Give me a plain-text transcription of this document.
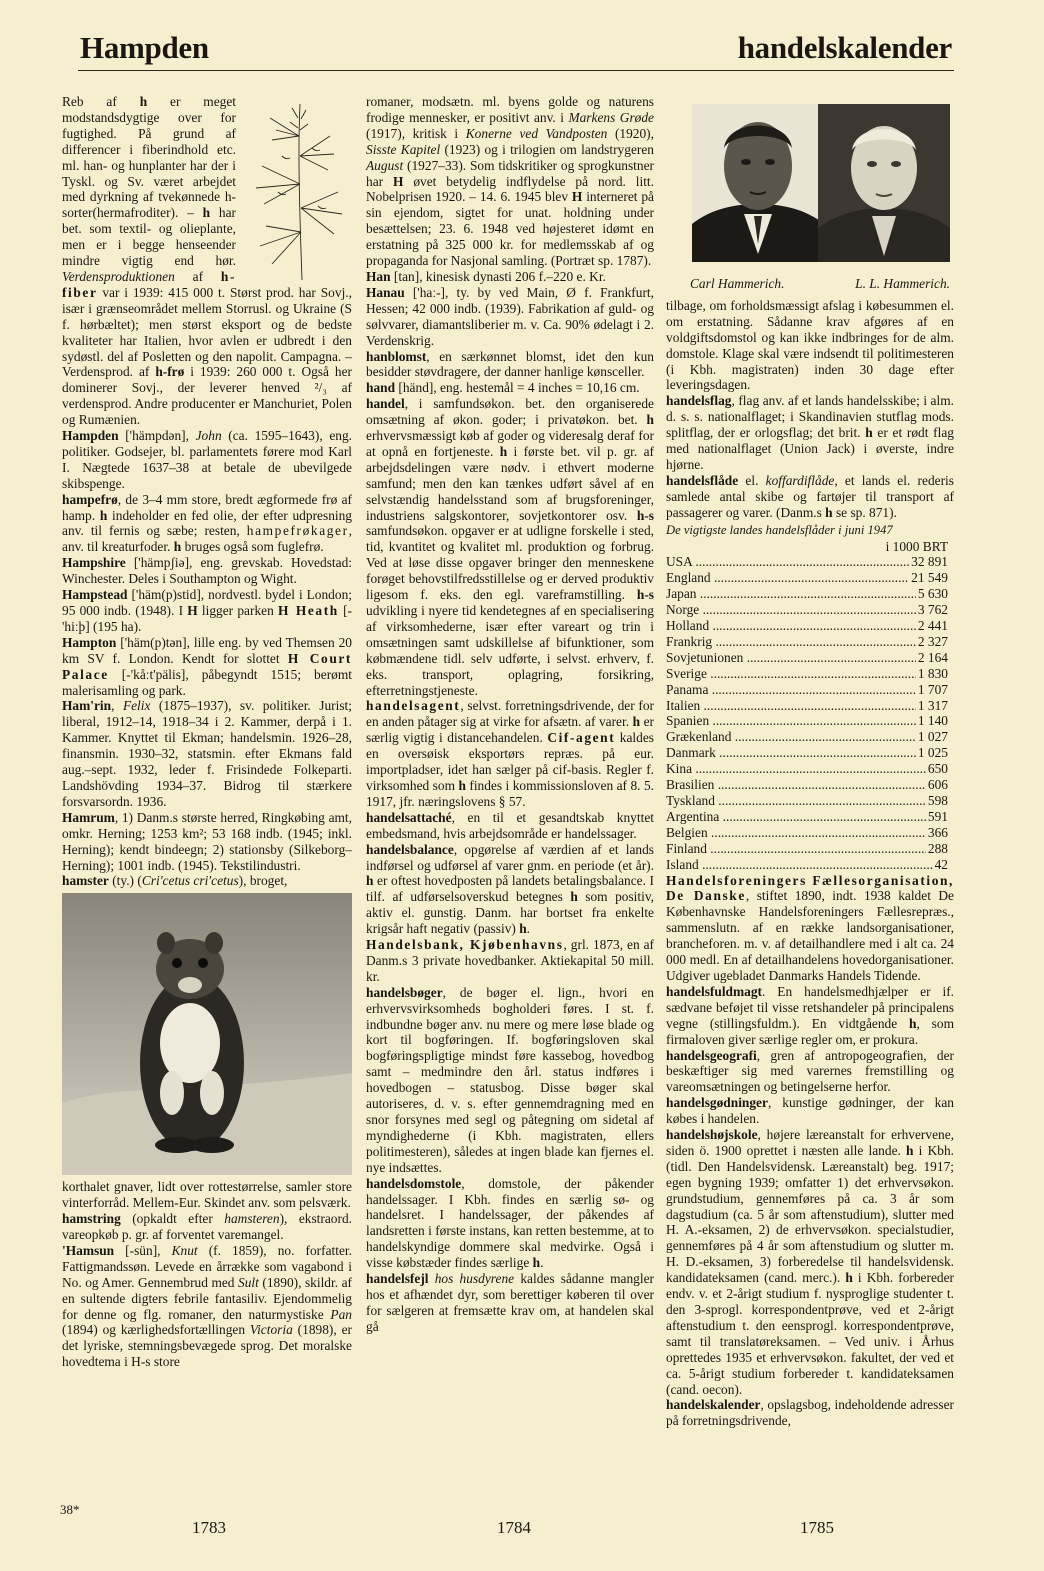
Hampden	handelskalender

Reb af h er meget modstandsdygtige over for fugtighed. På grund af differencer i fiberindhold etc. ml. han- og hunplanter har der i Tyskl. og Sv. været arbejdet med dyrkning af tvekønnede h-sorter(hermafroditer). – h har bet. som textil- og olieplante, men er i begge henseender mindre vigtig end hør. Verdensproduktionen af h-fiber var i 1939: 415 000 t. Størst prod. har Sovj., især i grænseområdet mellem Storrusl. og Ukraine (S f. hørbæltet); men størst eksport og de bedste kvaliteter har Italien, hvor avlen er udbredt i den sydøstl. del af Posletten og den napolit. Campagna. – Verdensprod. af h-frø i 1939: 260 000 t. Også her dominerer Sovj., der leverer henved ²/₃ af verdensprod. Andre producenter er Manchuriet, Polen og Rumænien.

Hampden ['hämpdən], John (ca. 1595–1643), eng. politiker. Godsejer, bl. parlamentets førere mod Karl I. Nægtede 1637–38 at betale de ubevilgede skibspenge.

hampefrø, de 3–4 mm store, bredt ægformede frø af hamp. h indeholder en fed olie, der efter udpresning anv. til fernis og sæbe; resten, hampefrøkager, anv. til kreaturfoder. h bruges også som fuglefrø.

Hampshire ['hämpʃiə], eng. grevskab. Hovedstad: Winchester. Deles i Southampton og Wight.

Hampstead ['häm(p)stid], nordvestl. bydel i London; 95 000 indb. (1948). I H ligger parken H Heath [-'hiːþ] (195 ha).

Hampton ['häm(p)tən], lille eng. by ved Themsen 20 km SV f. London. Kendt for slottet H Court Palace [-'kåːt'pälis], påbegyndt 1515; berømt malerisamling og park.

Ham'rin, Felix (1875–1937), sv. politiker. Jurist; liberal, 1912–14, 1918–34 i 2. Kammer, derpå i 1. Kammer. Knyttet til Ekman; handelsmin. 1926–28, finansmin. 1930–32, statsmin. efter Ekmans fald aug.–sept. 1932, leder f. Frisindede Folkeparti. Landshövding 1934–37. Bidrog til stærkere forsvarsordn. 1936.

Hamrum, 1) Danm.s største herred, Ringkøbing amt, omkr. Herning; 1253 km²; 53 168 indb. (1945; inkl. Herning); kendt bindeegn; 2) stationsby (Silkeborg–Herning); 1001 indb. (1945). Tekstilindustri.

hamster (ty.) (Cri'cetus cri'cetus), broget,

korthalet gnaver, lidt over rottestørrelse, samler store vinterforråd. Mellem-Eur. Skindet anv. som pelsværk.

hamstring (opkaldt efter hamsteren), ekstraord. vareopkøb p. gr. af forventet varemangel.

'Hamsun [-sün], Knut (f. 1859), no. forfatter. Fattigmandssøn. Levede en årrække som vagabond i No. og Amer. Gennembrud med Sult (1890), skildr. af en sultende digters febrile fantasiliv. Ejendommelig for denne og flg. romaner, den naturmystiske Pan (1894) og kærlighedsfortællingen Victoria (1898), er det lyriske, stemningsbevægede sprog. Det moralske hovedtema i H-s store

romaner, modsætn. ml. byens golde og naturens frodige mennesker, er positivt anv. i Markens Grøde (1917), kritisk i Konerne ved Vandposten (1920), Sisste Kapitel (1923) og i trilogien om landstrygeren August (1927–33). Som tidskritiker og sprogkunstner har H øvet betydelig indflydelse på nord. litt. Nobelprisen 1920. – 14. 6. 1945 blev H interneret på sin ejendom, sigtet for unat. holdning under besættelsen; 23. 6. 1948 ved højesteret idømt en erstatning på 325 000 kr. for medlemsskab af og propaganda for Nasjonal samling. (Portræt sp. 1787).

Han [tan], kinesisk dynasti 206 f.–220 e. Kr.

Hanau ['haː-], ty. by ved Main, Ø f. Frankfurt, Hessen; 42 000 indb. (1939). Fabrikation af guld- og sølvvarer, diamantsliberier m. v. Ca. 90% ødelagt i 2. Verdenskrig.

hanblomst, en særkønnet blomst, idet den kun besidder støvdragere, der danner hanlige kønsceller.

hand [händ], eng. hestemål = 4 inches = 10,16 cm.

handel, i samfundsøkon. bet. den organiserede omsætning af økon. goder; i privatøkon. bet. h erhvervsmæssigt køb af goder og videresalg deraf for at opnå en fortjeneste. h i første bet. vil p. gr. af arbejdsdelingen være nødv. i ethvert moderne samfund; men den kan tænkes udført såvel af en selvstændig handelsstand som af brugsforeninger, industriens salgskontorer, sovjetkontorer osv. h-s samfundsøkon. opgaver er at udligne forskelle i sted, tid, kvantitet og kvalitet ml. produktion og forbrug. Ved at løse disse opgaver bringer den menneskene forøget behovstilfredsstillelse og er derved produktiv ligesom f. eks. den egl. vareframstilling. h-s udvikling i nyere tid kendetegnes af en specialisering af virksomhederne, især efter vareart og trin i omsætningen samt udskillelse af bifunktioner, som købmændene tidl. selv udførte, i selvst. erhverv, f. eks. transport, oplagring, forsikring, efterretningstjeneste.

handelsagent, selvst. forretningsdrivende, der for en anden påtager sig at virke for afsætn. af varer. h er særlig vigtig i distancehandelen. Cif-agent kaldes en oversøisk eksportørs repræs. på eur. importpladser, idet han sælger på cif-basis. Regler f. virksomhed som h findes i kommissionsloven af 8. 5. 1917, jfr. næringslovens § 57.

handelsattaché, en til et gesandtskab knyttet embedsmand, hvis arbejdsområde er handelssager.

handelsbalance, opgørelse af værdien af et lands indførsel og udførsel af varer gnm. en periode (et år). h er oftest hovedposten på landets betalingsbalance. I tilf. af udførselsoverskud betegnes h som positiv, aktiv el. gunstig. Danm. har bortset fra enkelte krigsår haft negativ (passiv) h.

Handelsbank, Kjøbenhavns, grl. 1873, en af Danm.s 3 private hovedbanker. Aktiekapital 50 mill. kr.

handelsbøger, de bøger el. lign., hvori en erhvervsvirksomheds bogholderi føres. I st. f. indbundne bøger anv. nu mere og mere løse blade og kort til bogføringen. If. bogføringsloven skal bogføringspligtige mindst føre kassebog, hovedbog samt – medmindre den årl. status indføres i hovedbogen – statusbog. Disse bøger skal autoriseres, d. v. s. efter gennemdragning med en snor forsynes med segl og påtegning om sidetal af myndighederne (i Kbh. magistraten, ellers politimesteren), således at ingen blade kan fjernes el. nye indsættes.

handelsdomstole, domstole, der påkender handelssager. I Kbh. findes en særlig sø- og handelsret. I handelssager, der påkendes af landsretten i første instans, kan retten bestemme, at to handelskyndige dommere skal medvirke. Også i visse købstæder findes særlige h.

handelsfejl hos husdyrene kaldes sådanne mangler hos et afhændet dyr, som berettiger køberen til over for sælgeren at fremsætte krav om, at handelen skal gå

Carl Hammerich.	L. L. Hammerich.

tilbage, om forholdsmæssigt afslag i købesummen el. om erstatning. Sådanne krav afgøres af en voldgiftsdomstol og kan ikke indbringes for de alm. domstole. Klage skal være indsendt til politimesteren (i Kbh. magistraten) inden 30 dage efter leveringsdagen.

handelsflag, flag anv. af et lands handelsskibe; i alm. d. s. s. nationalflaget; i Skandinavien stutflag mods. splitflag, der er orlogsflag; det brit. h er et rødt flag med nationalflaget (Union Jack) i øverste, indre hjørne.

handelsflåde el. koffardiflåde, et lands el. rederis samlede antal skibe og fartøjer til transport af passagerer og varer. (Danm.s h se sp. 871).

De vigtigste landes handelsflåder i juni 1947
i 1000 BRT
USA .....	32 891
England .....	21 549
Japan .....	5 630
Norge .....	3 762
Holland .....	2 441
Frankrig .....	2 327
Sovjetunionen .....	2 164
Sverige .....	1 830
Panama .....	1 707
Italien .....	1 317
Spanien .....	1 140
Grækenland .....	1 027
Danmark .....	1 025
Kina .....	650
Brasilien .....	606
Tyskland .....	598
Argentina .....	591
Belgien .....	366
Finland .....	288
Island .....	42

Handelsforeningers Fællesorganisation, De Danske, stiftet 1890, indt. 1938 kaldet De Københavnske Handelsforeningers Fællesrepræs., sammenslutn. af en række landsorganisationer, brancheforen. m. v. af detailhandlere med i alt ca. 24 000 medl. En af detailhandelens hovedorganisationer. Udgiver ugebladet Danmarks Handels Tidende.

handelsfuldmagt. En handelsmedhjælper er if. sædvane beføjet til visse retshandeler på principalens vegne (stillingsfuldm.). En vidtgående h, som firmaloven giver særlige regler om, er prokura.

handelsgeografi, gren af antropogeografien, der beskæftiger sig med varernes fremstilling og vareomsætningen og betingelserne herfor.

handelsgødninger, kunstige gødninger, der kan købes i handelen.

handelshøjskole, højere læreanstalt for erhvervene, siden ö. 1900 oprettet i næsten alle lande. h i Kbh. (tidl. Den Handelsvidensk. Læreanstalt) beg. 1917; egen bygning 1939; omfatter 1) det erhvervsøkon. grundstudium, gennemføres på ca. 3 år som dagstudium (ca. 5 år som aftenstudium), slutter med H. A.-eksamen, 2) de erhvervsøkon. specialstudier, gennemføres på 4 år som aftenstudium og slutter m. H. D.-eksamen, 3) forberedelse til handelsvidensk. kandidateksamen (cand. merc.). h i Kbh. forbereder endv. v. et 2-årigt studium f. nysproglige studenter t. den 3-sprogl. korrespondentprøve, ved et 2-årigt aftenstudium t. den eensprogl. korrespondentprøve, samt til translatøreksamen. – Ved univ. i Århus oprettedes 1935 et erhvervsøkon. fakultet, der ved et ca. 5-årigt studium forbereder t. kandidateksamen (cand. oecon).

handelskalender, opslagsbog, indeholdende adresser på forretningsdrivende,

38*
1783	1784	1785
